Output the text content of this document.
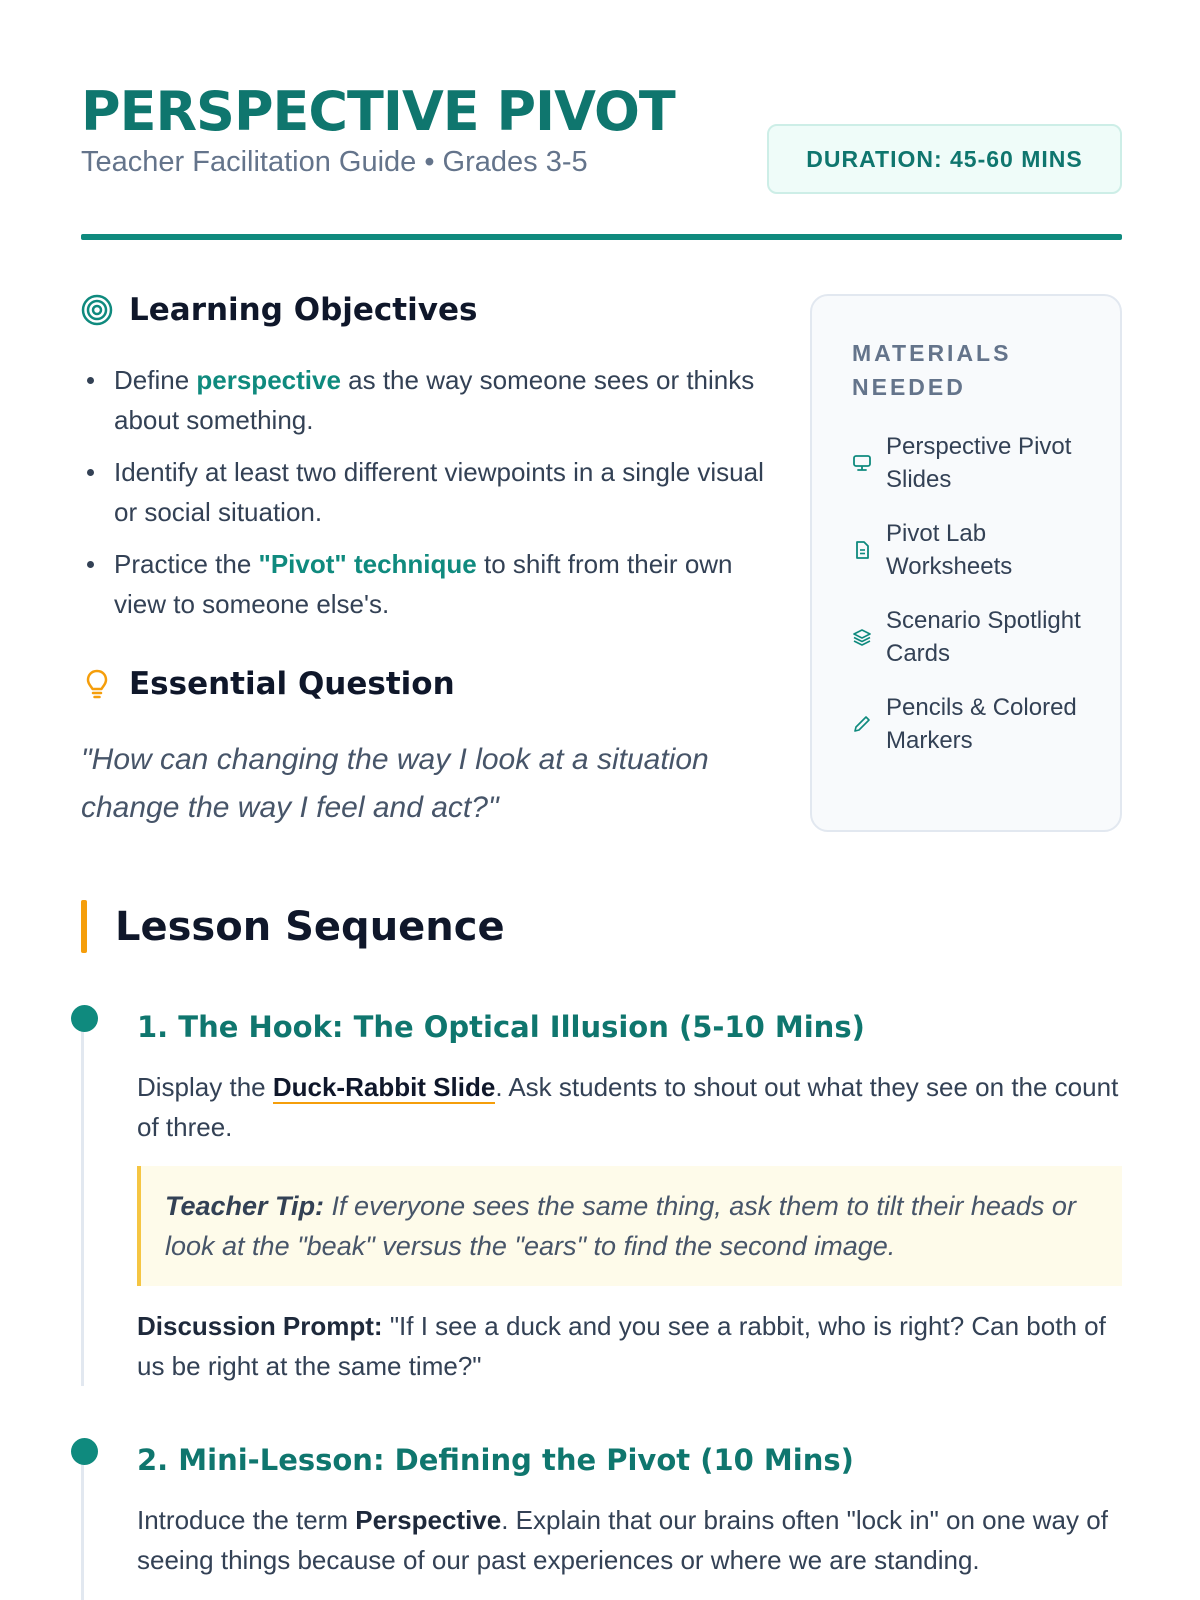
PERSPECTIVE PIVOT
Teacher Facilitation Guide • Grades 3-5	DURATION: 45-60 MINS
Learning Objectives
Define perspective as the way someone sees or thinks about something.
Identify at least two different viewpoints in a single visual or social situation.
Practice the "Pivot" technique to shift from their own view to someone else's.
Essential Question
"How can changing the way I look at a situation change the way I feel and act?"
MATERIALS NEEDED
Perspective Pivot Slides
Pivot Lab Worksheets
Scenario Spotlight Cards
Pencils & Colored Markers
Lesson Sequence
1. The Hook: The Optical Illusion (5-10 Mins)
Display the Duck-Rabbit Slide. Ask students to shout out what they see on the count of three.
Teacher Tip: If everyone sees the same thing, ask them to tilt their heads or look at the "beak" versus the "ears" to find the second image.
Discussion Prompt: "If I see a duck and you see a rabbit, who is right? Can both of us be right at the same time?"
2. Mini-Lesson: Defining the Pivot (10 Mins)
Introduce the term Perspective. Explain that our brains often "lock in" on one way of seeing things because of our past experiences or where we are standing.
